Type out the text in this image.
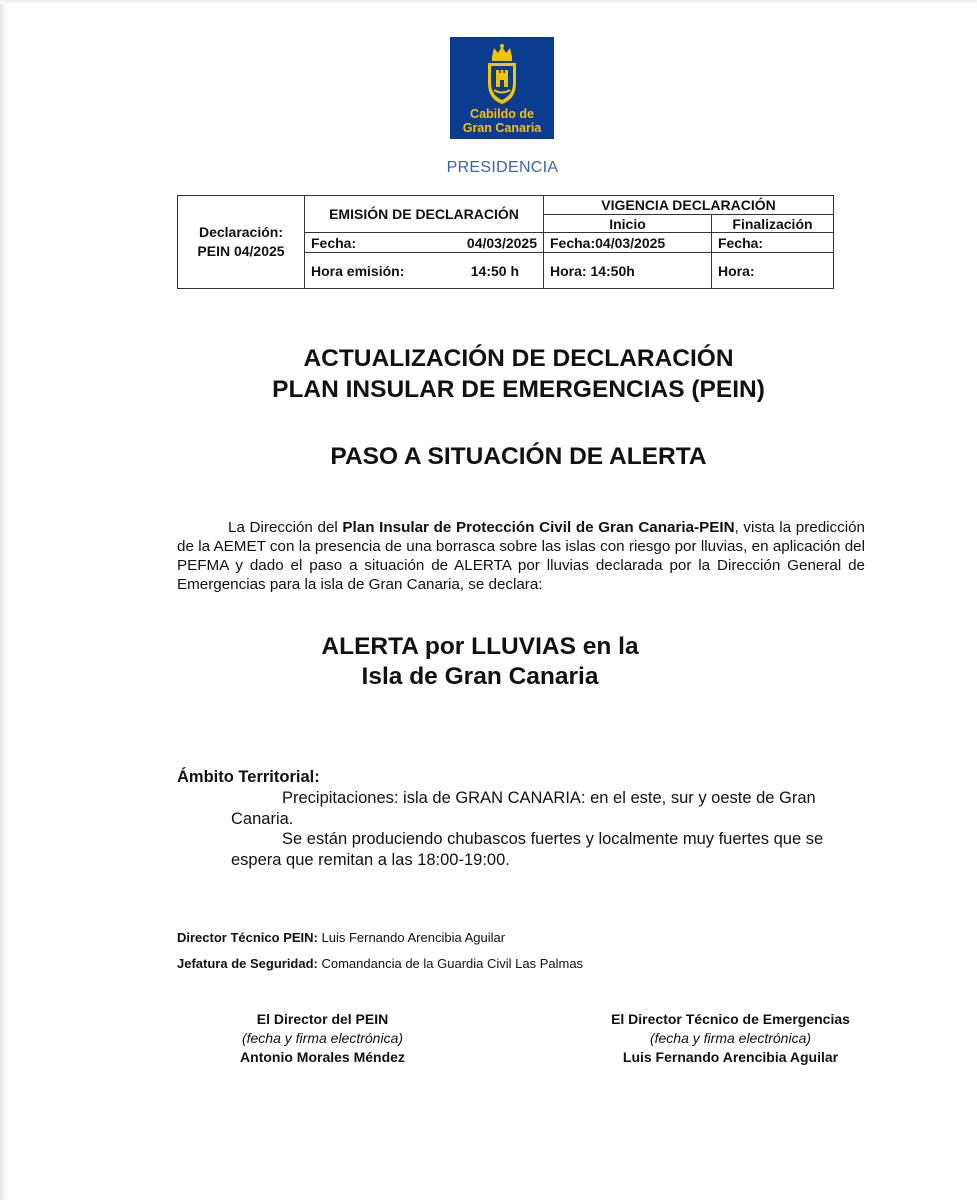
Cabildo de
Gran Canaria
PRESIDENCIA
Declaración:
PEIN 04/2025	EMISIÓN DE DECLARACIÓN	VIGENCIA DECLARACIÓN	
		Inicio	Finalización

	Fecha: 04/03/2025	Fecha:04/03/2025	Fecha:

	Hora emisión: 14:50 h	Hora: 14:50h	Hora:
ACTUALIZACIÓN DE DECLARACIÓN
PLAN INSULAR DE EMERGENCIAS (PEIN)
PASO A SITUACIÓN DE ALERTA

La Dirección del Plan Insular de Protección Civil de Gran Canaria-PEIN, vista la predicción de la AEMET con la presencia de una borrasca sobre las islas con riesgo por lluvias, en aplicación del PEFMA y dado el paso a situación de ALERTA por lluvias declarada por la Dirección General de Emergencias para la isla de Gran Canaria, se declara:

ALERTA por LLUVIAS en la
Isla de Gran Canaria
Ámbito Territorial:

Precipitaciones: isla de GRAN CANARIA: en el este, sur y oeste de Gran Canaria.

Se están produciendo chubascos fuertes y localmente muy fuertes que se espera que remitan a las 18:00-19:00.

Director Técnico PEIN: Luis Fernando Arencibia Aguilar
Jefatura de Seguridad: Comandancia de la Guardia Civil Las Palmas
El Director del PEIN
(fecha y firma electrónica)
Antonio Morales Méndez
El Director Técnico de Emergencias
(fecha y firma electrónica)
Luis Fernando Arencibia Aguilar
